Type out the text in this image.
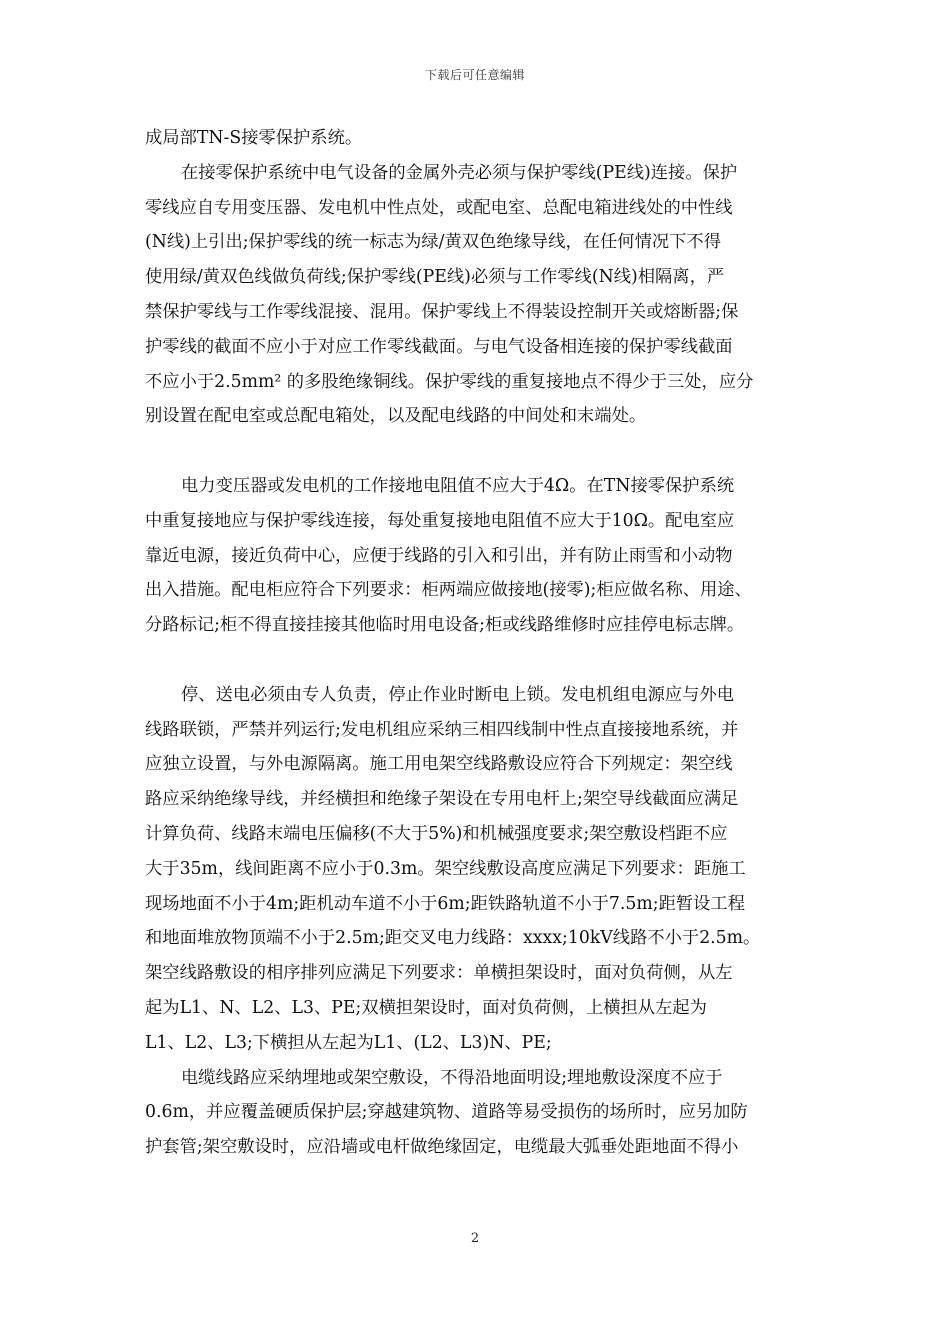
下载后可任意编辑
成局部TN-S接零保护系统。
在接零保护系统中电气设备的金属外壳必须与保护零线(PE线)连接。保护
零线应自专用变压器、发电机中性点处，或配电室、总配电箱进线处的中性线
(N线)上引出;保护零线的统一标志为绿/黄双色绝缘导线，在任何情况下不得
使用绿/黄双色线做负荷线;保护零线(PE线)必须与工作零线(N线)相隔离，严
禁保护零线与工作零线混接、混用。保护零线上不得装设控制开关或熔断器;保
护零线的截面不应小于对应工作零线截面。与电气设备相连接的保护零线截面
不应小于2.5mm² 的多股绝缘铜线。保护零线的重复接地点不得少于三处，应分
别设置在配电室或总配电箱处，以及配电线路的中间处和末端处。
电力变压器或发电机的工作接地电阻值不应大于4Ω。在TN接零保护系统
中重复接地应与保护零线连接，每处重复接地电阻值不应大于10Ω。配电室应
靠近电源，接近负荷中心，应便于线路的引入和引出，并有防止雨雪和小动物
出入措施。配电柜应符合下列要求：柜两端应做接地(接零);柜应做名称、用途、
分路标记;柜不得直接挂接其他临时用电设备;柜或线路维修时应挂停电标志牌。
停、送电必须由专人负责，停止作业时断电上锁。发电机组电源应与外电
线路联锁，严禁并列运行;发电机组应采纳三相四线制中性点直接接地系统，并
应独立设置，与外电源隔离。施工用电架空线路敷设应符合下列规定：架空线
路应采纳绝缘导线，并经横担和绝缘子架设在专用电杆上;架空导线截面应满足
计算负荷、线路末端电压偏移(不大于5%)和机械强度要求;架空敷设档距不应
大于35m，线间距离不应小于0.3m。架空线敷设高度应满足下列要求：距施工
现场地面不小于4m;距机动车道不小于6m;距铁路轨道不小于7.5m;距暂设工程
和地面堆放物顶端不小于2.5m;距交叉电力线路：xxxx;10kV线路不小于2.5m。
架空线路敷设的相序排列应满足下列要求：单横担架设时，面对负荷侧，从左
起为L1、N、L2、L3、PE;双横担架设时，面对负荷侧，上横担从左起为
L1、L2、L3;下横担从左起为L1、(L2、L3)N、PE;
电缆线路应采纳埋地或架空敷设，不得沿地面明设;埋地敷设深度不应于
0.6m，并应覆盖硬质保护层;穿越建筑物、道路等易受损伤的场所时，应另加防
护套管;架空敷设时，应沿墙或电杆做绝缘固定，电缆最大弧垂处距地面不得小
2
